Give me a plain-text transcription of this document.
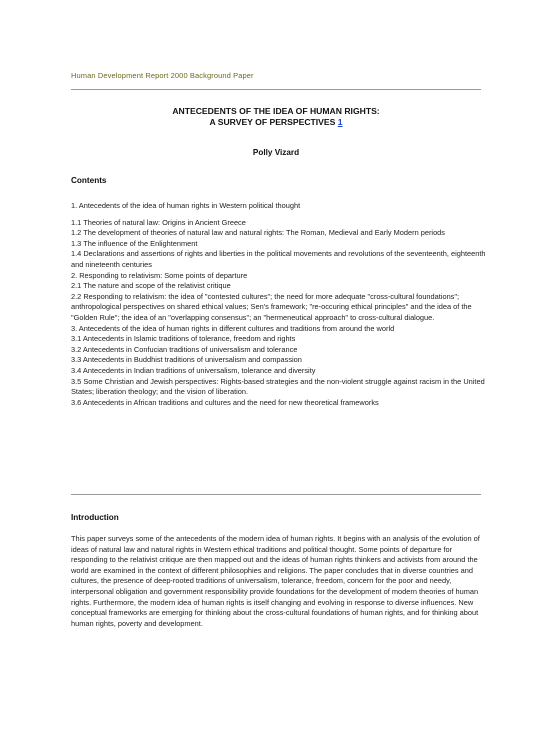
Human Development Report 2000 Background Paper
ANTECEDENTS OF THE IDEA OF HUMAN RIGHTS:
A SURVEY OF PERSPECTIVES 1
Polly Vizard
Contents
1. Antecedents of the idea of human rights in Western political thought
1.1 Theories of natural law: Origins in Ancient Greece
1.2 The development of theories of natural law and natural rights: The Roman, Medieval and Early Modern periods
1.3 The influence of the Enlightenment
1.4 Declarations and assertions of rights and liberties in the political movements and revolutions of the seventeenth, eighteenth and nineteenth centuries
2. Responding to relativism: Some points of departure
2.1 The nature and scope of the relativist critique
2.2 Responding to relativism: the idea of "contested cultures"; the need for more adequate "cross-cultural foundations"; anthropological perspectives on shared ethical values; Sen's framework; "re-occuring ethical principles" and the idea of the "Golden Rule"; the idea of an "overlapping consensus"; an "hermeneutical approach" to cross-cultural dialogue.
3. Antecedents of the idea of human rights in different cultures and traditions from around the world
3.1 Antecedents in Islamic traditions of tolerance, freedom and rights
3.2 Antecedents in Confucian traditions of universalism and tolerance
3.3 Antecedents in Buddhist traditions of universalism and compassion
3.4 Antecedents in Indian traditions of universalism, tolerance and diversity
3.5 Some Christian and Jewish perspectives: Rights-based strategies and the non-violent struggle against racism in the United States; liberation theology; and the vision of liberation.
3.6 Antecedents in African traditions and cultures and the need for new theoretical frameworks
Introduction
This paper surveys some of the antecedents of the modern idea of human rights. It begins with an analysis of the evolution of ideas of natural law and natural rights in Western ethical traditions and political thought. Some points of departure for responding to the relativist critique are then mapped out and the ideas of human rights thinkers and activists from around the world are examined in the context of different philosophies and religions. The paper concludes that in diverse countries and cultures, the presence of deep-rooted traditions of universalism, tolerance, freedom, concern for the poor and needy, interpersonal obligation and government responsibility provide foundations for the development of modern theories of human rights. Furthermore, the modern idea of human rights is itself changing and evolving in response to diverse influences. New conceptual frameworks are emerging for thinking about the cross-cultural foundations of human rights, and for thinking about human rights, poverty and development.
